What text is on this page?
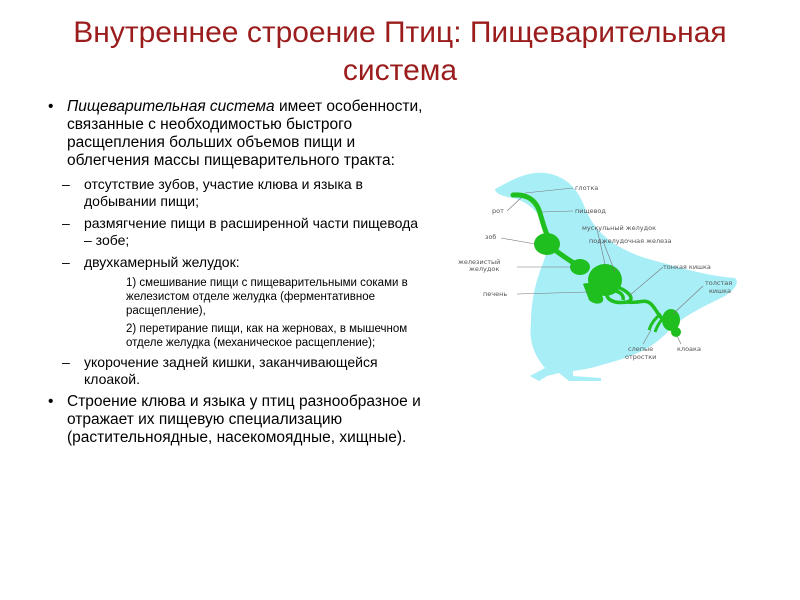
Внутреннее строение Птиц: Пищеварительная система
• Пищеварительная система имеет особенности, связанные с необходимостью быстрого расщепления больших объемов пищи и облегчения массы пищеварительного тракта:
– отсутствие зубов, участие клюва и языка в добывании пищи;
– размягчение пищи в расширенной части пищевода – зобе;
– двухкамерный желудок:
1) смешивание пищи с пищеварительными соками в железистом отделе желудка (ферментативное расщепление),
2) перетирание пищи, как на жерновах, в мышечном отделе желудка (механическое расщепление);
– укорочение задней кишки, заканчивающейся клоакой.
• Строение клюва и языка у птиц разнообразное и отражает их пищевую специализацию (растительноядные, насекомоядные, хищные).
рот
зоб
железистый
желудок
печень
глотка
пищевод
мускульный желудок
поджелудочная железа
тонкая кишка
толстая
кишка
слепые
отростки
клоака
